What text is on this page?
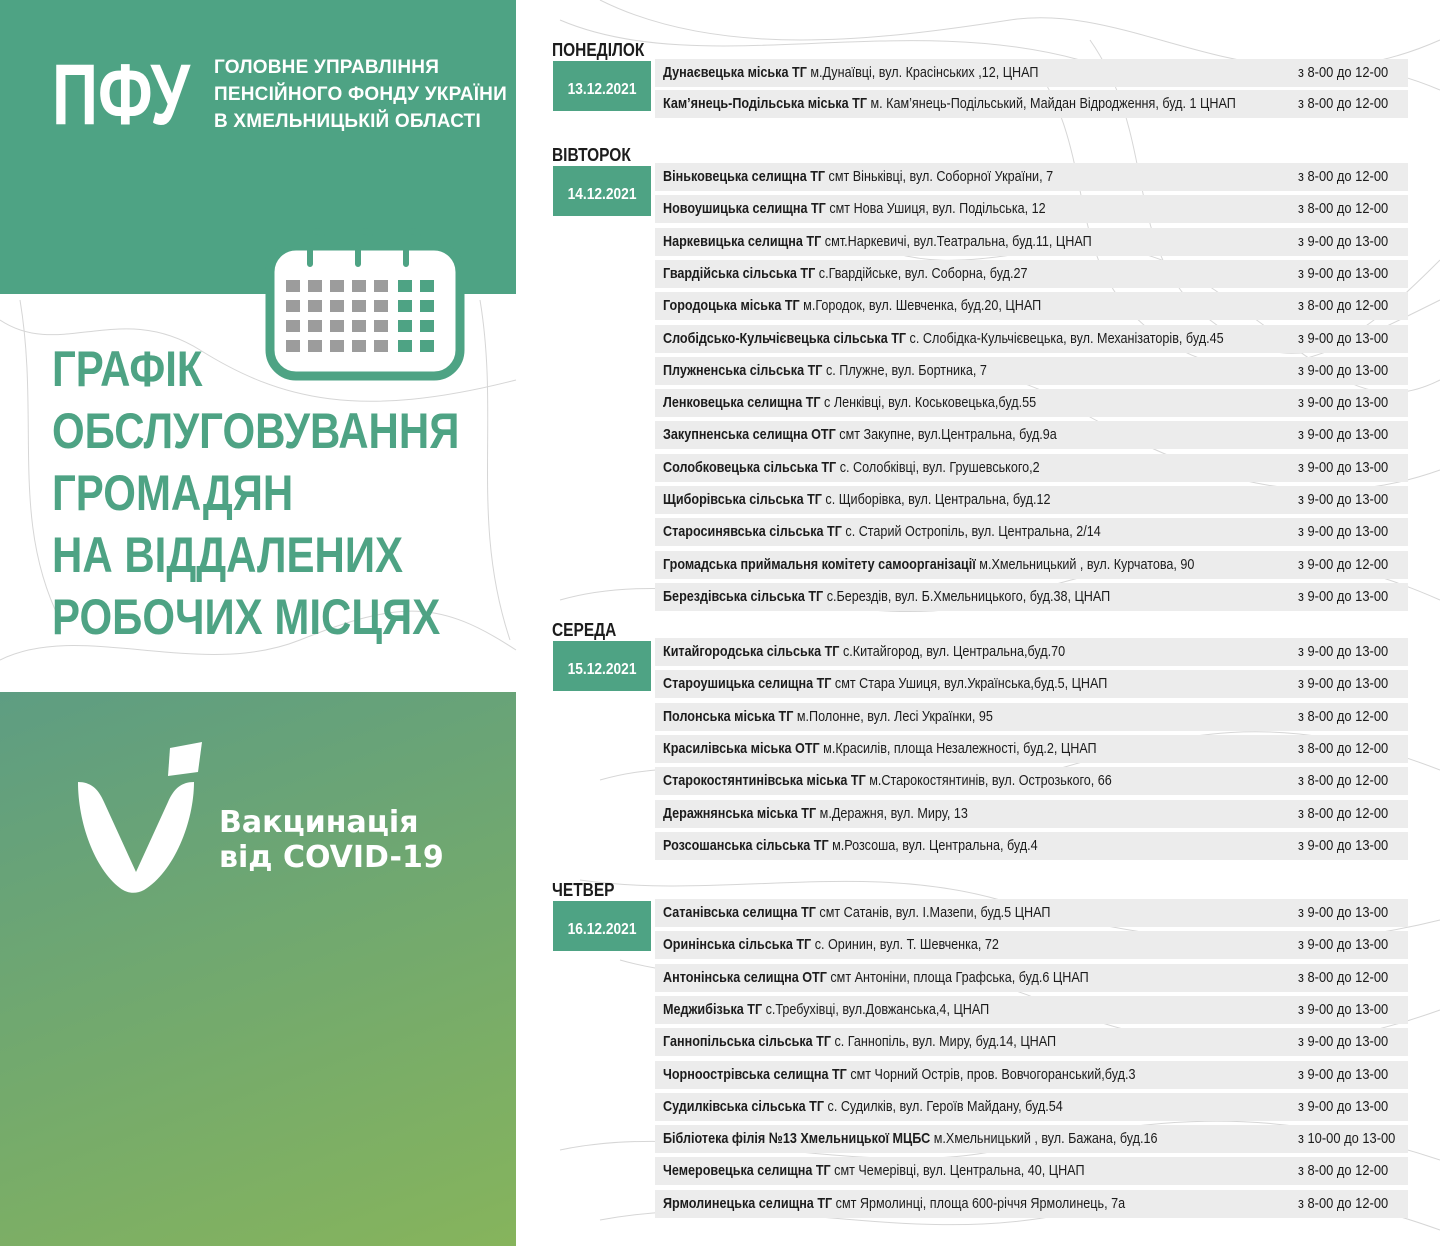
ПФУ ГОЛОВНЕ УПРАВЛІННЯ
ПЕНСІЙНОГО ФОНДУ УКРАЇНИ
В ХМЕЛЬНИЦЬКІЙ ОБЛАСТІ
ГРАФІК
ОБСЛУГОВУВАННЯ
ГРОМАДЯН
НА ВІДДАЛЕНИХ
РОБОЧИХ МІСЦЯХ
Вакцинація
від COVID-19
ПОНЕДІЛОК
13.12.2021
Дунаєвецька міська ТГ м.Дунаївці, вул. Красінських ,12, ЦНАП	з 8-00 до 12-00
Кам’янець-Подільська міська ТГ м. Кам’янець-Подільський, Майдан Відродження, буд. 1 ЦНАП	з 8-00 до 12-00
ВІВТОРОК
14.12.2021
Віньковецька селищна ТГ смт Віньківці, вул. Соборної України, 7	з 8-00 до 12-00
Новоушицька селищна ТГ смт Нова Ушиця, вул. Подільська, 12	з 8-00 до 12-00
Наркевицька селищна ТГ смт.Наркевичі, вул.Театральна, буд.11, ЦНАП	з 9-00 до 13-00
Гвардійська сільська ТГ с.Гвардійське, вул. Соборна, буд.27	з 9-00 до 13-00
Городоцька міська ТГ м.Городок, вул. Шевченка, буд.20, ЦНАП	з 8-00 до 12-00
Слобідсько-Кульчієвецька сільська ТГ с. Слобідка-Кульчієвецька, вул. Механізаторів, буд.45	з 9-00 до 13-00
Плужненська сільська ТГ с. Плужне, вул. Бортника, 7	з 9-00 до 13-00
Ленковецька селищна ТГ с Ленківці, вул. Коськовецька,буд.55	з 9-00 до 13-00
Закупненська селищна ОТГ смт Закупне, вул.Центральна, буд.9а	з 9-00 до 13-00
Солобковецька сільська ТГ с. Солобківці, вул. Грушевського,2	з 9-00 до 13-00
Щиборівська сільська ТГ с. Щиборівка, вул. Центральна, буд.12	з 9-00 до 13-00
Старосинявська сільська ТГ с. Старий Остропіль, вул. Центральна, 2/14	з 9-00 до 13-00
Громадська приймальня комітету самоорганізації м.Хмельницький , вул. Курчатова, 90	з 9-00 до 12-00
Берездівська сільська ТГ с.Берездів, вул. Б.Хмельницького, буд.38, ЦНАП	з 9-00 до 13-00
СЕРЕДА
15.12.2021
Китайгородська сільська ТГ с.Китайгород, вул. Центральна,буд.70	з 9-00 до 13-00
Староушицька селищна ТГ смт Стара Ушиця, вул.Українська,буд.5, ЦНАП	з 9-00 до 13-00
Полонська міська ТГ м.Полонне, вул. Лесі Українки, 95	з 8-00 до 12-00
Красилівська міська ОТГ м.Красилів, площа Незалежності, буд.2, ЦНАП	з 8-00 до 12-00
Старокостянтинівська міська ТГ м.Старокостянтинів, вул. Острозького, 66	з 8-00 до 12-00
Деражнянська міська ТГ м.Деражня, вул. Миру, 13	з 8-00 до 12-00
Розсошанська сільська ТГ м.Розсоша, вул. Центральна, буд.4	з 9-00 до 13-00
ЧЕТВЕР
16.12.2021
Сатанівська селищна ТГ смт Сатанів, вул. І.Мазепи, буд.5 ЦНАП	з 9-00 до 13-00
Оринінська сільська ТГ с. Оринин, вул. Т. Шевченка, 72	з 9-00 до 13-00
Антонінська селищна ОТГ смт Антоніни, площа Графська, буд.6 ЦНАП	з 8-00 до 12-00
Меджибізька ТГ с.Требухівці, вул.Довжанська,4, ЦНАП	з 9-00 до 13-00
Ганнопільська сільська ТГ с. Ганнопіль, вул. Миру, буд.14, ЦНАП	з 9-00 до 13-00
Чорноострівська селищна ТГ смт Чорний Острів, пров. Вовчогоранський,буд.3	з 9-00 до 13-00
Судилківська сільська ТГ с. Судилків, вул. Героїв Майдану, буд.54	з 9-00 до 13-00
Бібліотека філія №13 Хмельницької МЦБС м.Хмельницький , вул. Бажана, буд.16	з 10-00 до 13-00
Чемеровецька селищна ТГ смт Чемерівці, вул. Центральна, 40, ЦНАП	з 8-00 до 12-00
Ярмолинецька селищна ТГ смт Ярмолинці, площа 600-річчя Ярмолинець, 7а	з 8-00 до 12-00
